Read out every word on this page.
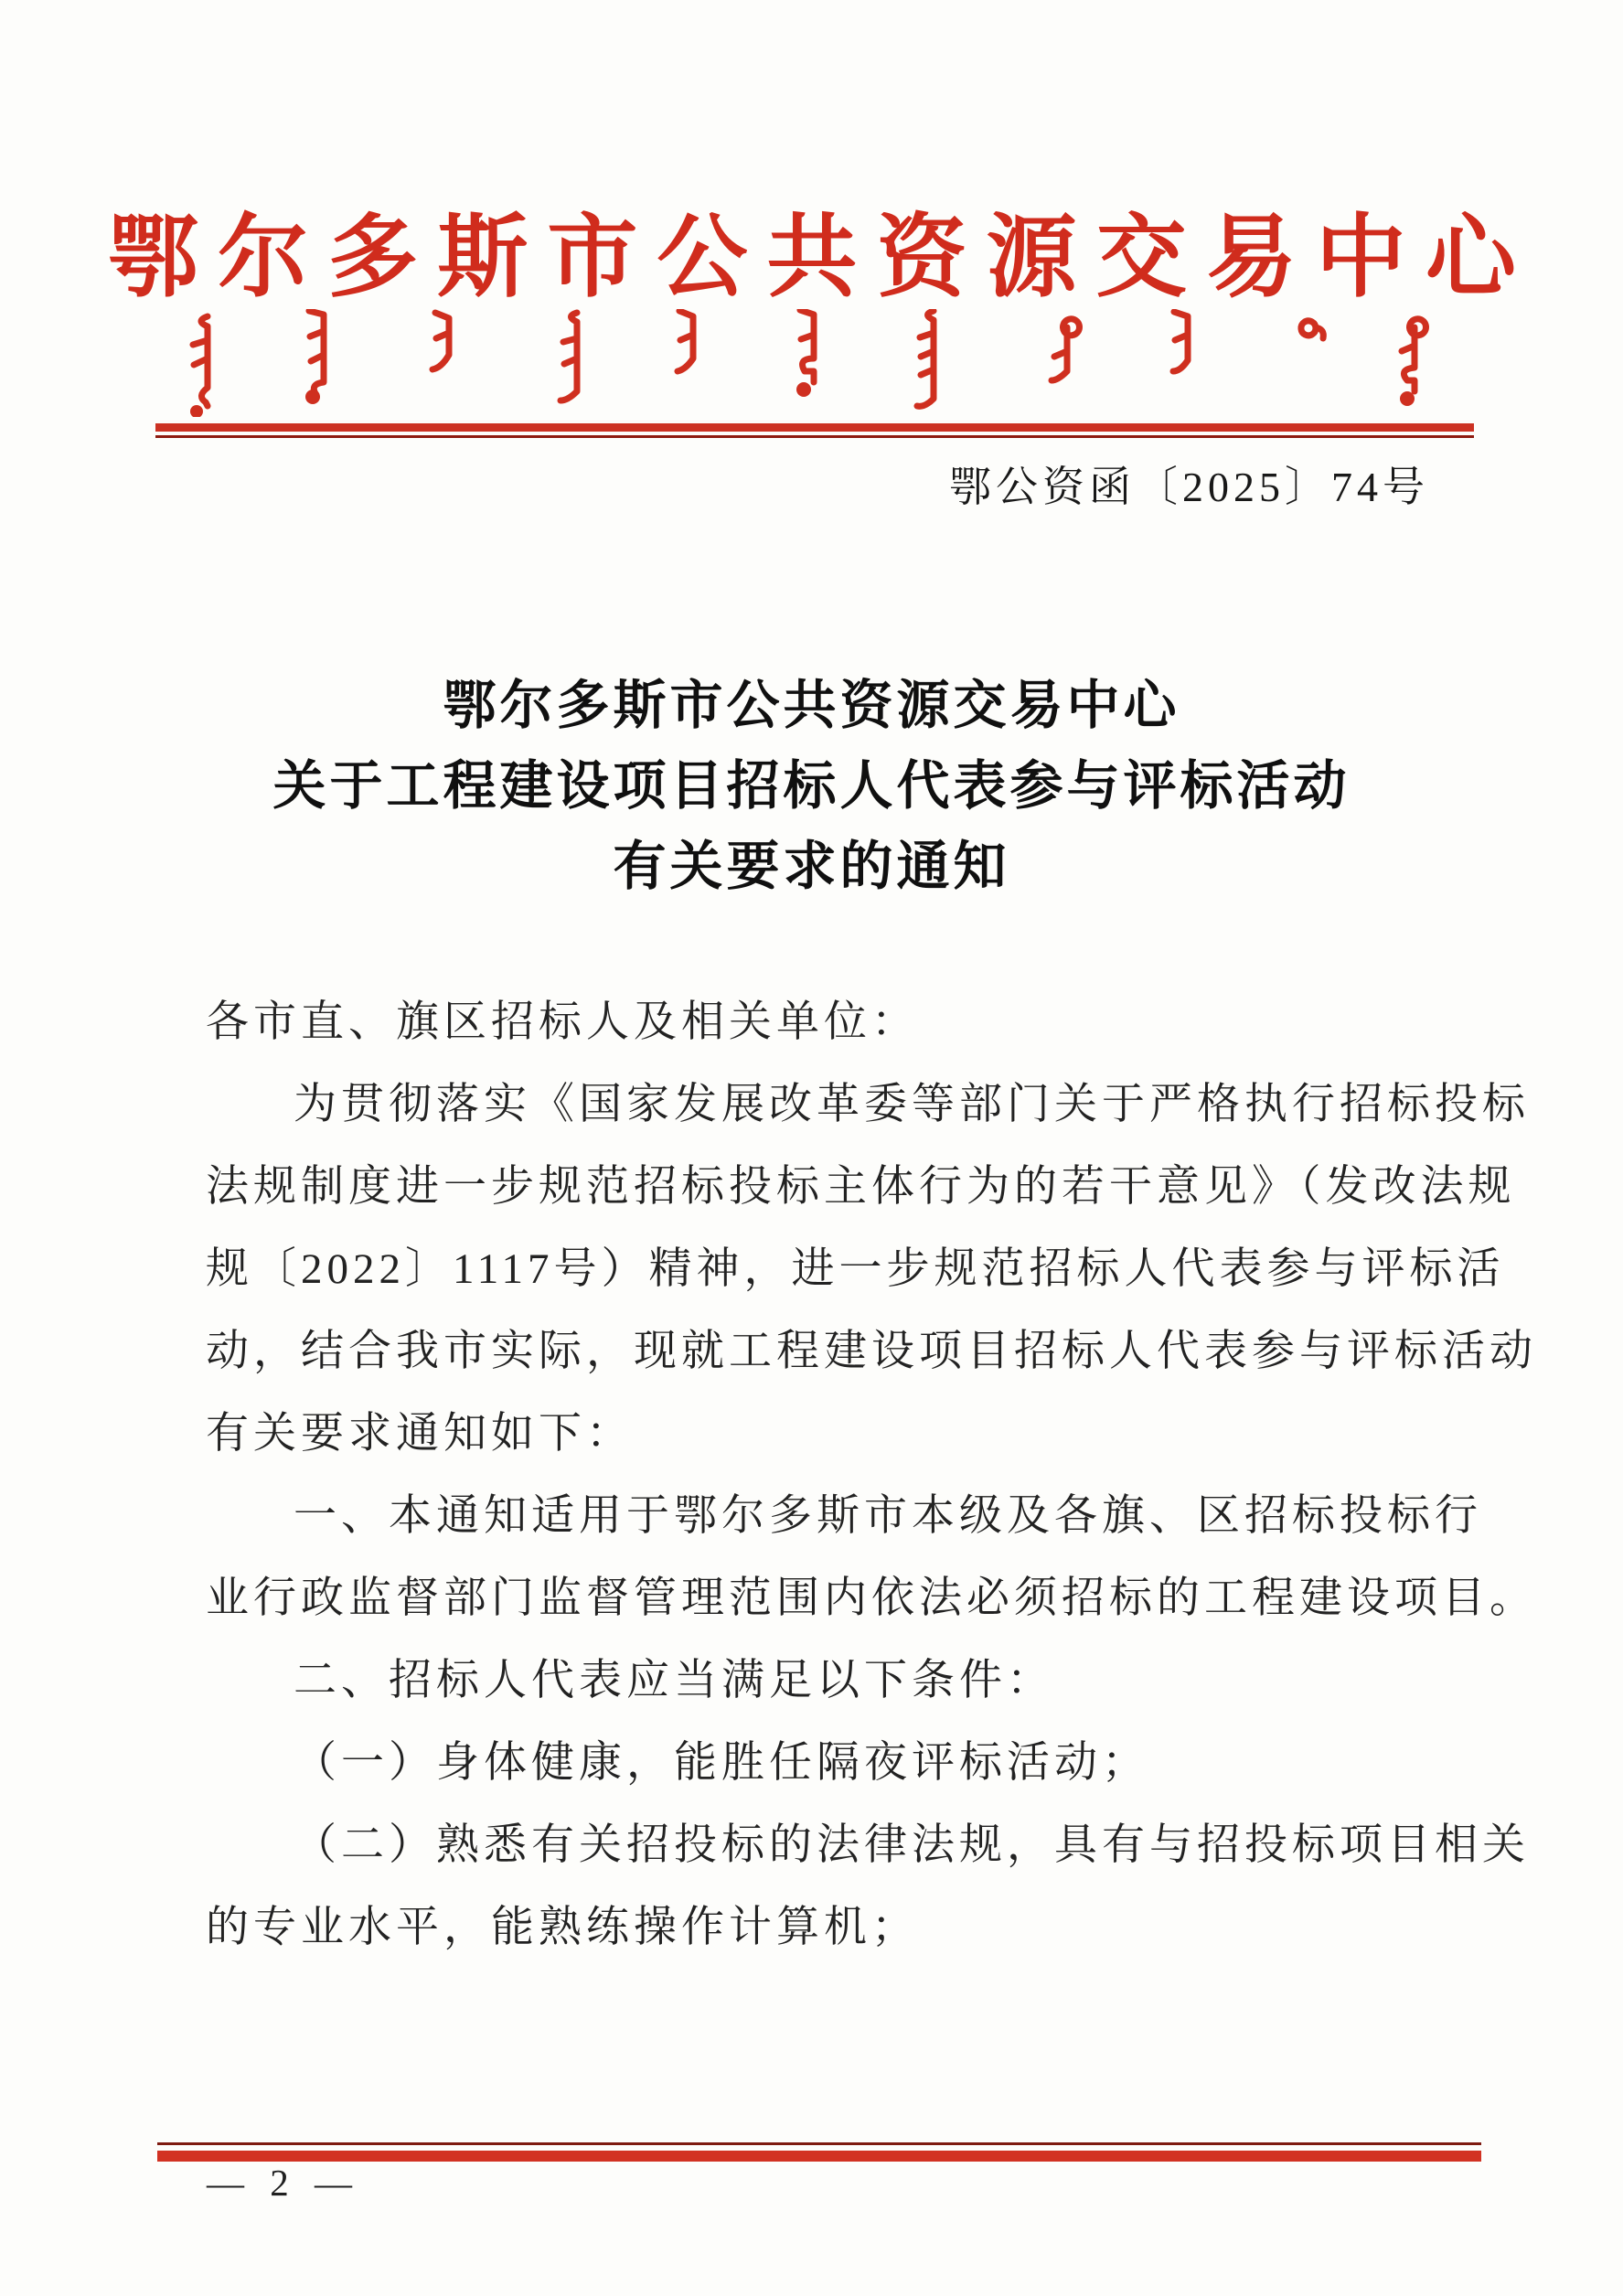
鄂尔多斯市公共资源交易中心
鄂公资函〔2025〕74号
鄂尔多斯市公共资源交易中心
关于工程建设项目招标人代表参与评标活动
有关要求的通知
各市直、旗区招标人及相关单位：
为贯彻落实《国家发展改革委等部门关于严格执行招标投标
法规制度进一步规范招标投标主体行为的若干意见》（发改法规
规〔2022〕1117号）精神，进一步规范招标人代表参与评标活
动，结合我市实际，现就工程建设项目招标人代表参与评标活动
有关要求通知如下：
一、本通知适用于鄂尔多斯市本级及各旗、区招标投标行
业行政监督部门监督管理范围内依法必须招标的工程建设项目。
二、招标人代表应当满足以下条件：
（一）身体健康，能胜任隔夜评标活动；
（二）熟悉有关招投标的法律法规，具有与招投标项目相关
的专业水平，能熟练操作计算机；
— 2 —
